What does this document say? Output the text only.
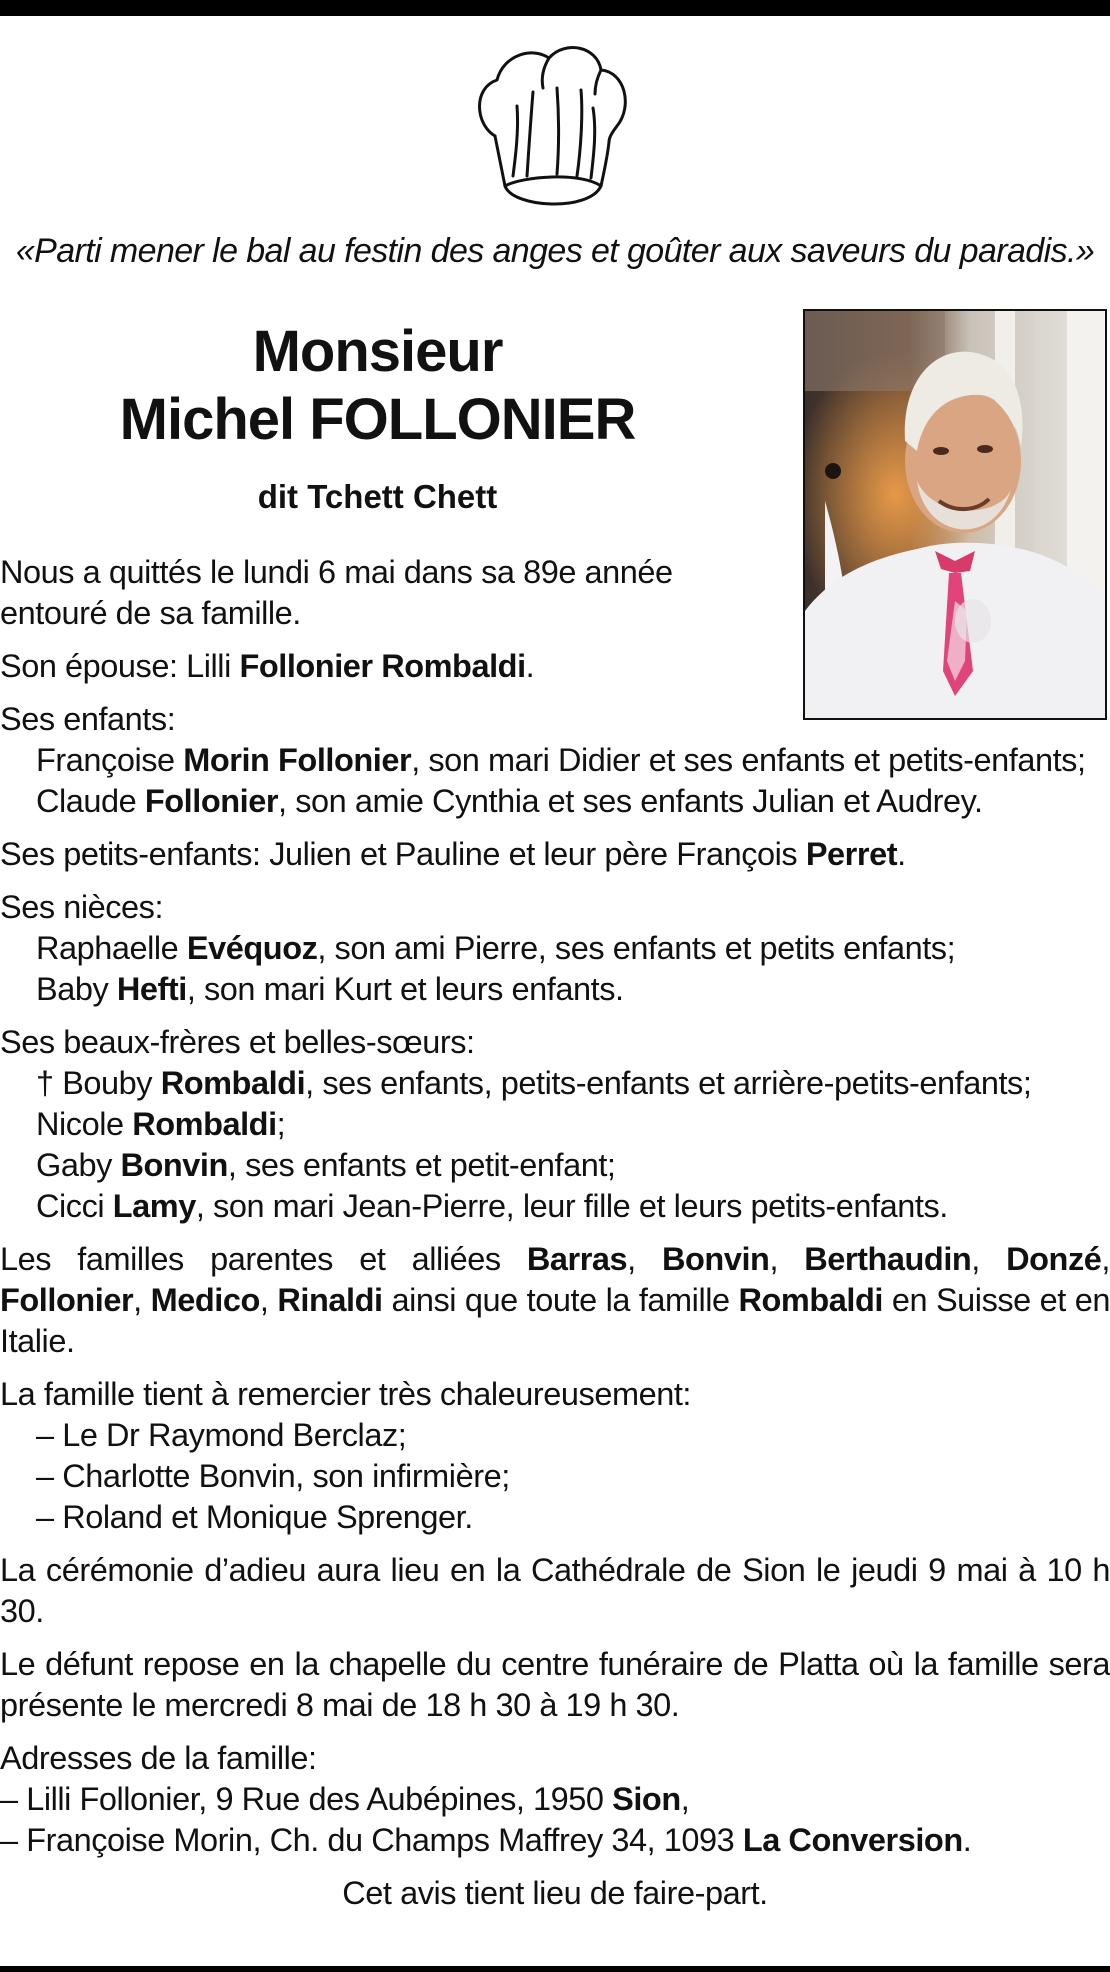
«Parti mener le bal au festin des anges et goûter aux saveurs du paradis.»
Monsieur
Michel FOLLONIER
dit Tchett Chett
Nous a quittés le lundi 6 mai dans sa 89e année
entouré de sa famille.
Son épouse: Lilli Follonier Rombaldi.
Ses enfants:
Françoise Morin Follonier, son mari Didier et ses enfants et petits-enfants;
Claude Follonier, son amie Cynthia et ses enfants Julian et Audrey.
Ses petits-enfants: Julien et Pauline et leur père François Perret.
Ses nièces:
Raphaelle Evéquoz, son ami Pierre, ses enfants et petits enfants;
Baby Hefti, son mari Kurt et leurs enfants.
Ses beaux-frères et belles-sœurs:
† Bouby Rombaldi, ses enfants, petits-enfants et arrière-petits-enfants;
Nicole Rombaldi;
Gaby Bonvin, ses enfants et petit-enfant;
Cicci Lamy, son mari Jean-Pierre, leur fille et leurs petits-enfants.
Les familles parentes et alliées Barras, Bonvin, Berthaudin, Donzé, Follonier, Medico, Rinaldi ainsi que toute la famille Rombaldi en Suisse et en Italie.
La famille tient à remercier très chaleureusement:
– Le Dr Raymond Berclaz;
– Charlotte Bonvin, son infirmière;
– Roland et Monique Sprenger.
La cérémonie d’adieu aura lieu en la Cathédrale de Sion le jeudi 9 mai à 10 h 30.
Le défunt repose en la chapelle du centre funéraire de Platta où la famille sera présente le mercredi 8 mai de 18 h 30 à 19 h 30.
Adresses de la famille:
– Lilli Follonier, 9 Rue des Aubépines, 1950 Sion,
– Françoise Morin, Ch. du Champs Maffrey 34, 1093 La Conversion.
Cet avis tient lieu de faire-part.
